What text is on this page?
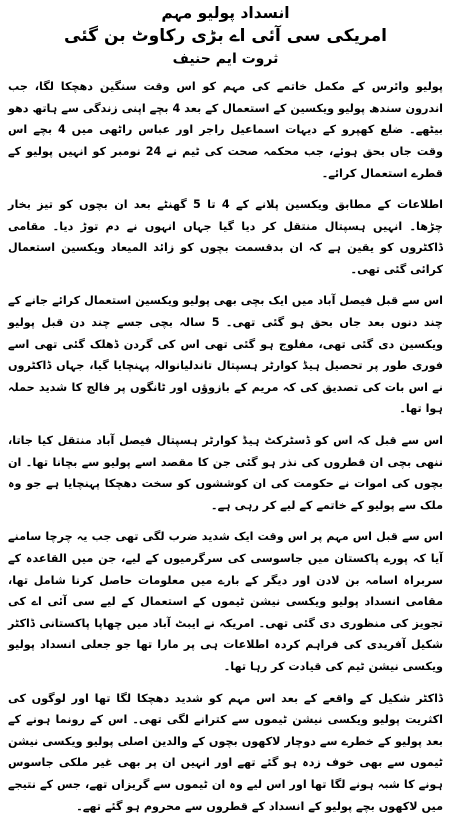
انسداد پولیو مہم
امریکی سی آئی اے بڑی رکاوٹ بن گئی
ثروت ایم حنیف

پولیو وائرس کے مکمل خاتمے کی مہم کو اس وقت سنگین دھچکا لگا، جب اندرون سندھ پولیو ویکسین کے استعمال کے بعد 4 بچے اپنی زندگی سے ہاتھ دھو بیٹھے۔ ضلع کھپرو کے دیہات اسماعیل راجر اور عباس راٹھی میں 4 بچے اس وقت جاں بحق ہوئے، جب محکمہ صحت کی ٹیم نے 24 نومبر کو انہیں پولیو کے قطرے استعمال کرائے۔

اطلاعات کے مطابق ویکسین پلانے کے 4 تا 5 گھنٹے بعد ان بچوں کو تیز بخار چڑھا۔ انہیں ہسپتال منتقل کر دیا گیا جہاں انہوں نے دم توڑ دیا۔ مقامی ڈاکٹروں کو یقین ہے کہ ان بدقسمت بچوں کو زائد المیعاد ویکسین استعمال کرائی گئی تھی۔

اس سے قبل فیصل آباد میں ایک بچی بھی پولیو ویکسین استعمال کرائے جانے کے چند دنوں بعد جاں بحق ہو گئی تھی۔ 5 سالہ بچی جسے چند دن قبل پولیو ویکسین دی گئی تھی، مفلوج ہو گئی تھی اس کی گردن ڈھلک گئی تھی اسے فوری طور پر تحصیل ہیڈ کوارٹر ہسپتال تاندلیانوالہ پہنچایا گیا، جہاں ڈاکٹروں نے اس بات کی تصدیق کی کہ مریم کے بازوؤں اور ٹانگوں پر فالج کا شدید حملہ ہوا تھا۔

اس سے قبل کہ اس کو ڈسٹرکٹ ہیڈ کوارٹر ہسپتال فیصل آباد منتقل کیا جاتا، ننھی بچی ان قطروں کی نذر ہو گئی جن کا مقصد اسے پولیو سے بچانا تھا۔ ان بچوں کی اموات نے حکومت کی ان کوششوں کو سخت دھچکا پہنچایا ہے جو وہ ملک سے پولیو کے خاتمے کے لیے کر رہی ہے۔

اس سے قبل اس مہم پر اس وقت ایک شدید ضرب لگی تھی جب یہ چرچا سامنے آیا کہ پورے پاکستان میں جاسوسی کی سرگرمیوں کے لیے، جن میں القاعدہ کے سربراہ اسامہ بن لادن اور دیگر کے بارے میں معلومات حاصل کرنا شامل تھا، مقامی انسداد پولیو ویکسی نیشن ٹیموں کے استعمال کے لیے سی آئی اے کی تجویز کی منظوری دی گئی تھی۔ امریکہ نے ایبٹ آباد میں چھاپا پاکستانی ڈاکٹر شکیل آفریدی کی فراہم کردہ اطلاعات ہی پر مارا تھا جو جعلی انسداد پولیو ویکسی نیشن ٹیم کی قیادت کر رہا تھا۔

ڈاکٹر شکیل کے واقعے کے بعد اس مہم کو شدید دھچکا لگا تھا اور لوگوں کی اکثریت پولیو ویکسی نیشن ٹیموں سے کترانے لگی تھی۔ اس کے رونما ہونے کے بعد پولیو کے خطرے سے دوچار لاکھوں بچوں کے والدین اصلی پولیو ویکسی نیشن ٹیموں سے بھی خوف زدہ ہو گئے تھے اور انہیں ان پر بھی غیر ملکی جاسوس ہونے کا شبہ ہونے لگا تھا اور اس لیے وہ ان ٹیموں سے گریزاں تھے، جس کے نتیجے میں لاکھوں بچے پولیو کے انسداد کے قطروں سے محروم ہو گئے تھے۔
